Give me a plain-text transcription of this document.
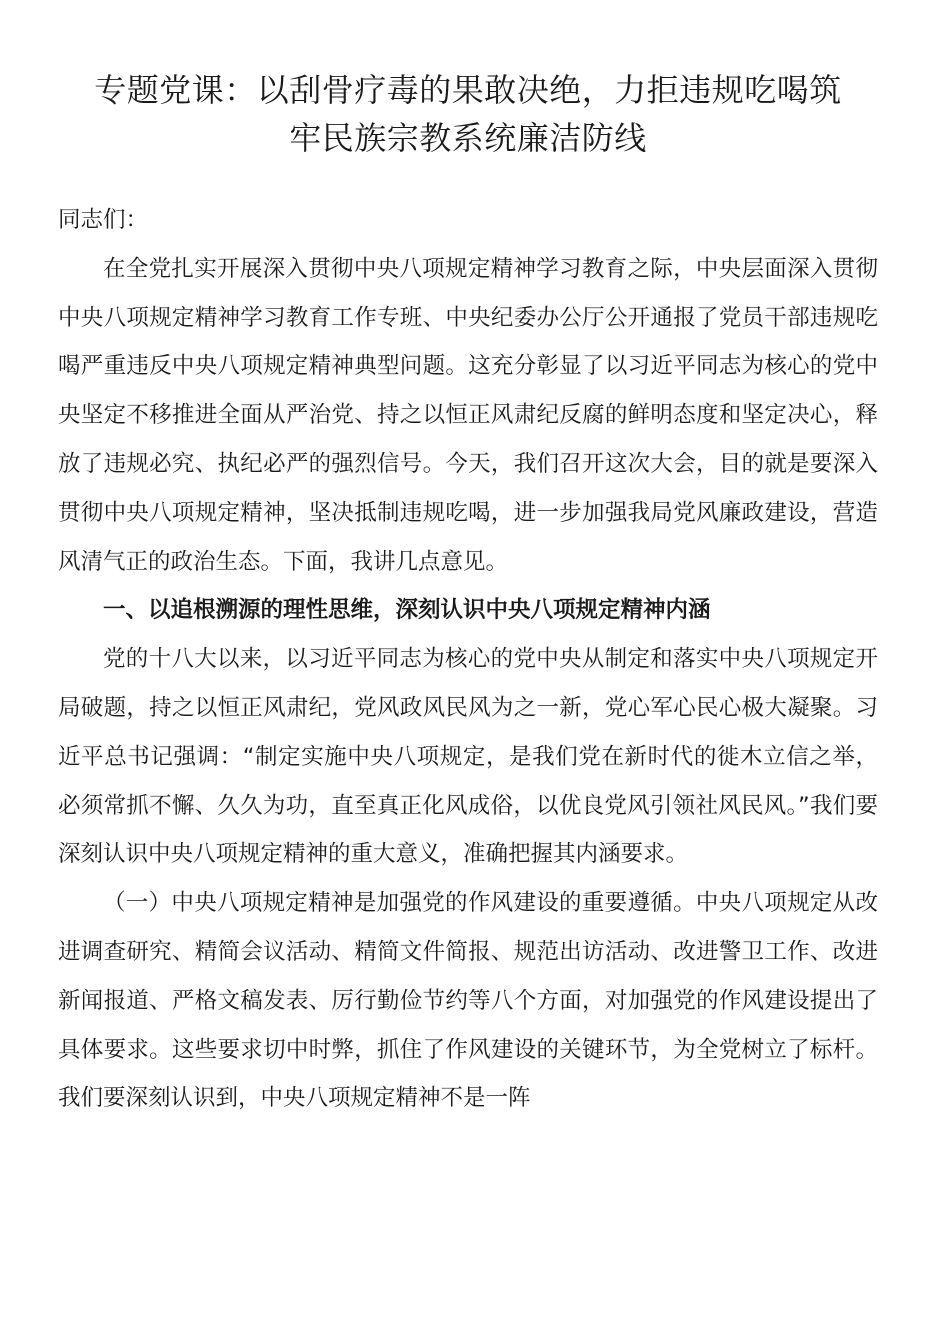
专题党课：以刮骨疗毒的果敢决绝，力拒违规吃喝筑
牢民族宗教系统廉洁防线

同志们：

在全党扎实开展深入贯彻中央八项规定精神学习教育之际，中央层面深入贯彻中央八项规定精神学习教育工作专班、中央纪委办公厅公开通报了党员干部违规吃喝严重违反中央八项规定精神典型问题。这充分彰显了以习近平同志为核心的党中央坚定不移推进全面从严治党、持之以恒正风肃纪反腐的鲜明态度和坚定决心，释放了违规必究、执纪必严的强烈信号。今天，我们召开这次大会，目的就是要深入贯彻中央八项规定精神，坚决抵制违规吃喝，进一步加强我局党风廉政建设，营造风清气正的政治生态。下面，我讲几点意见。

一、以追根溯源的理性思维，深刻认识中央八项规定精神内涵

党的十八大以来，以习近平同志为核心的党中央从制定和落实中央八项规定开局破题，持之以恒正风肃纪，党风政风民风为之一新，党心军心民心极大凝聚。习近平总书记强调：“制定实施中央八项规定，是我们党在新时代的徙木立信之举，必须常抓不懈、久久为功，直至真正化风成俗，以优良党风引领社风民风。”我们要深刻认识中央八项规定精神的重大意义，准确把握其内涵要求。

（一）中央八项规定精神是加强党的作风建设的重要遵循。中央八项规定从改进调查研究、精简会议活动、精简文件简报、规范出访活动、改进警卫工作、改进新闻报道、严格文稿发表、厉行勤俭节约等八个方面，对加强党的作风建设提出了具体要求。这些要求切中时弊，抓住了作风建设的关键环节，为全党树立了标杆。我们要深刻认识到，中央八项规定精神不是一阵
